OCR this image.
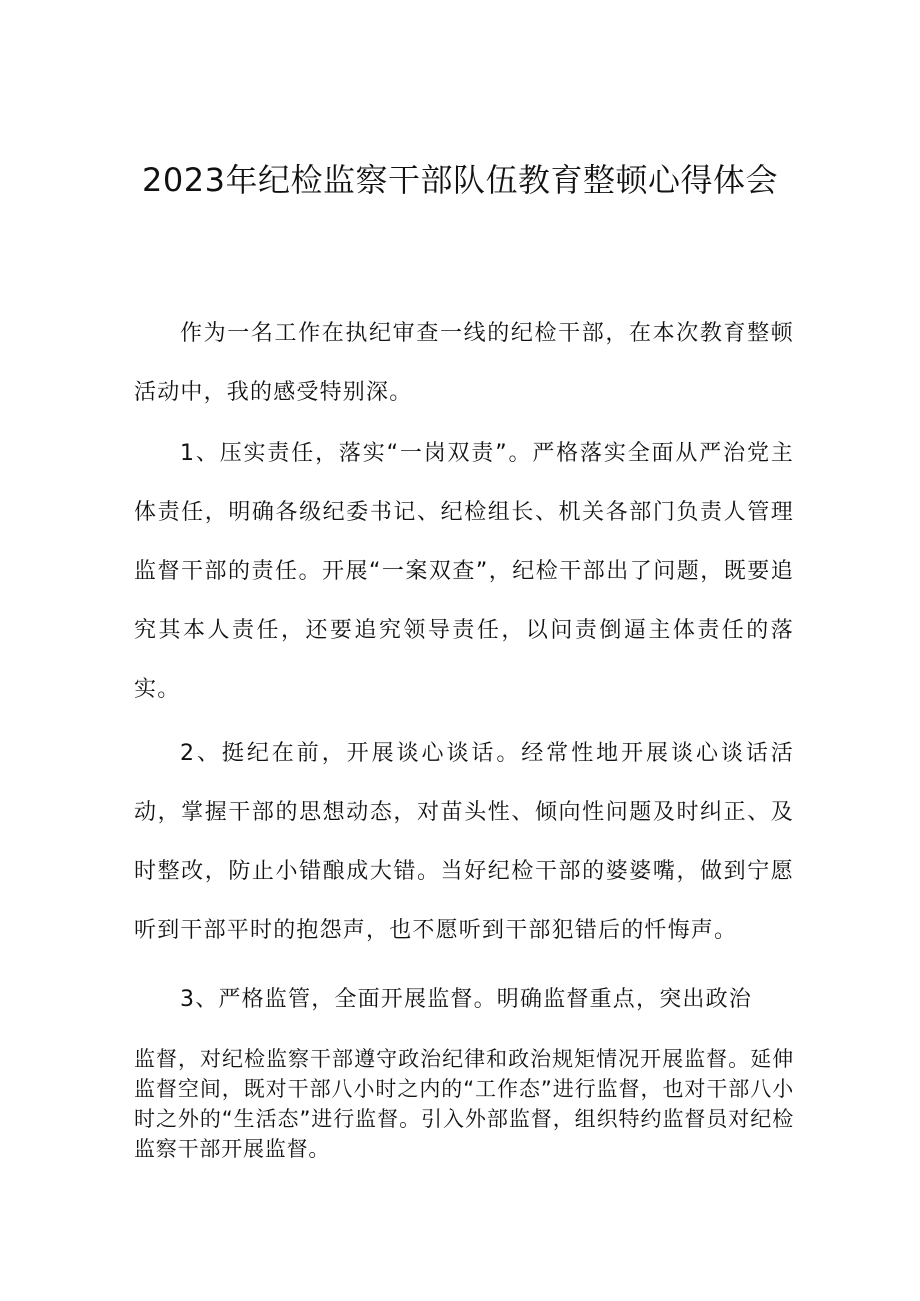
2023年纪检监察干部队伍教育整顿心得体会

作为一名工作在执纪审查一线的纪检干部，在本次教育整顿活动中，我的感受特别深。

1、压实责任，落实“一岗双责”。严格落实全面从严治党主体责任，明确各级纪委书记、纪检组长、机关各部门负责人管理监督干部的责任。开展“一案双查”，纪检干部出了问题，既要追究其本人责任，还要追究领导责任，以问责倒逼主体责任的落实。

2、挺纪在前，开展谈心谈话。经常性地开展谈心谈话活动，掌握干部的思想动态，对苗头性、倾向性问题及时纠正、及时整改，防止小错酿成大错。当好纪检干部的婆婆嘴，做到宁愿听到干部平时的抱怨声，也不愿听到干部犯错后的忏悔声。

3、严格监管，全面开展监督。明确监督重点，突出政治

监督，对纪检监察干部遵守政治纪律和政治规矩情况开展监督。延伸监督空间，既对干部八小时之内的“工作态”进行监督，也对干部八小时之外的“生活态”进行监督。引入外部监督，组织特约监督员对纪检监察干部开展监督。
